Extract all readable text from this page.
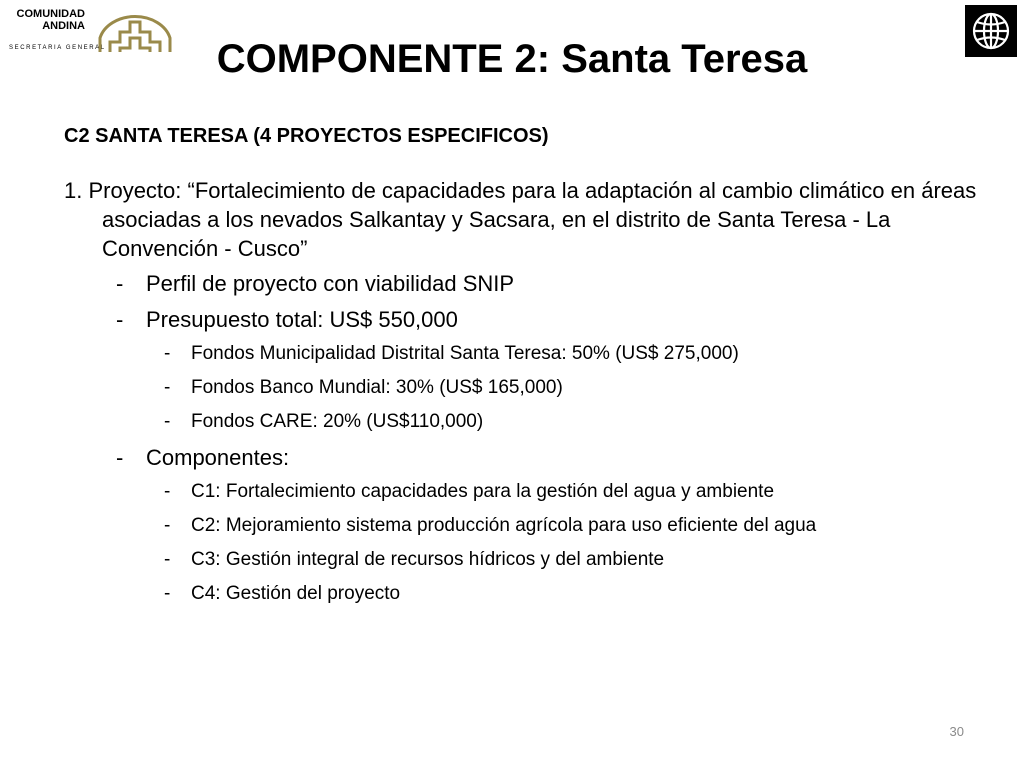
COMUNIDAD
ANDINA
SECRETARIA GENERAL	COMPONENTE 2: Santa Teresa
C2 SANTA TERESA (4 PROYECTOS ESPECIFICOS)
1. Proyecto: “Fortalecimiento de capacidades para la adaptación al cambio climático en áreas asociadas a los nevados Salkantay y Sacsara, en el distrito de Santa Teresa - La Convención - Cusco”
- Perfil de proyecto con viabilidad SNIP
- Presupuesto total: US$ 550,000
- Fondos Municipalidad Distrital Santa Teresa: 50% (US$ 275,000)
- Fondos Banco Mundial: 30% (US$ 165,000)
- Fondos CARE: 20% (US$110,000)
- Componentes:
- C1: Fortalecimiento capacidades para la gestión del agua y ambiente
- C2: Mejoramiento sistema producción agrícola para uso eficiente del agua
- C3: Gestión integral de recursos hídricos y del ambiente
- C4: Gestión del proyecto
30
